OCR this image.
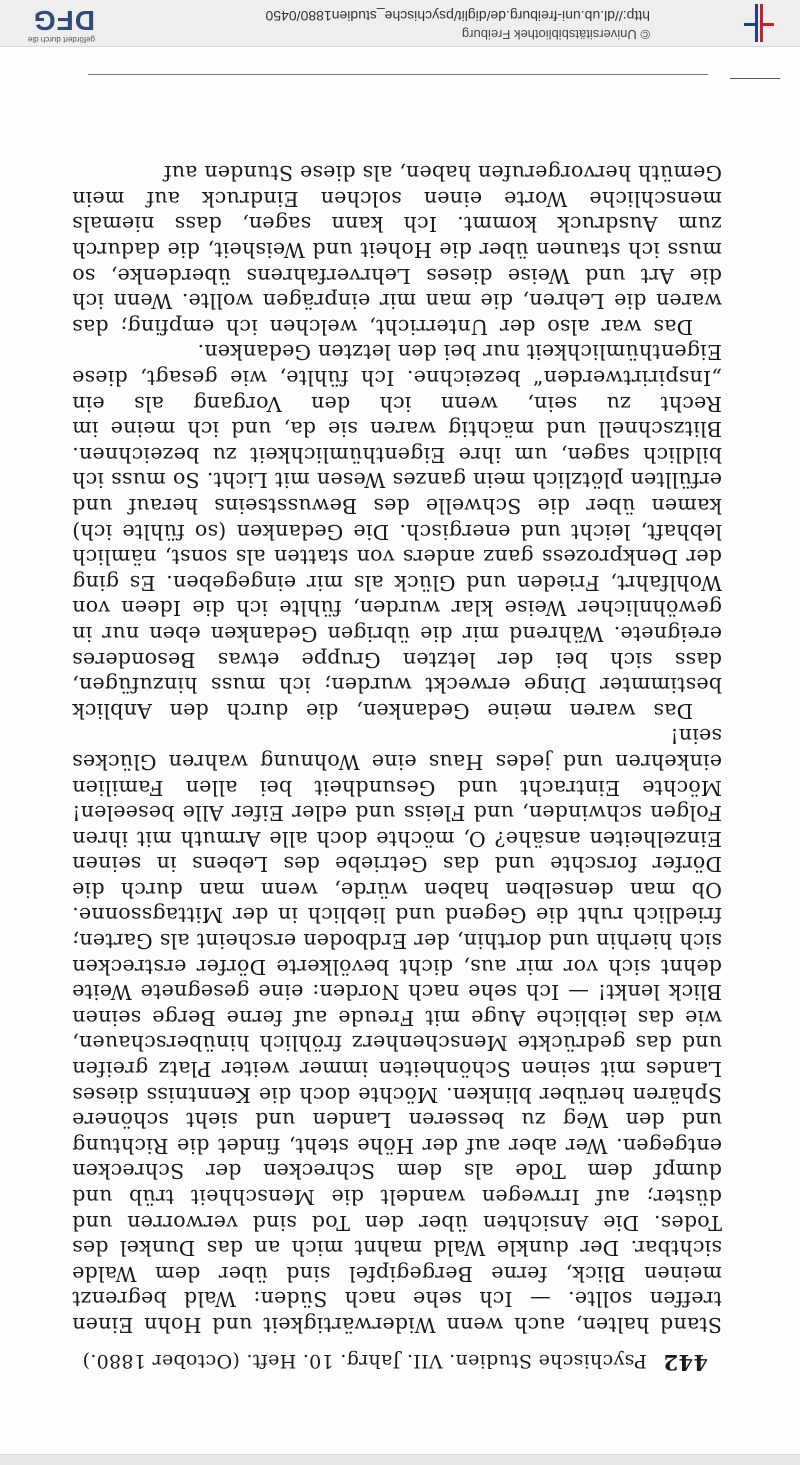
442 Psychische Studien. VII. Jahrg. 10. Heft. (October 1880.)

Stand halten, auch wenn Widerwärtigkeit und Hohn Einen treffen sollte. — Ich sehe nach Süden: Wald begrenzt meinen Blick, ferne Bergegipfel sind über dem Walde sichtbar. Der dunkle Wald mahnt mich an das Dunkel des Todes. Die Ansichten über den Tod sind verworren und düster; auf Irrwegen wandelt die Menschheit trüb und dumpf dem Tode als dem Schrecken der Schrecken entgegen. Wer aber auf der Höhe steht, findet die Richtung und den Weg zu besseren Landen und sieht schönere Sphären herüber blinken. Möchte doch die Kenntniss dieses Landes mit seinen Schönheiten immer weiter Platz greifen und das gedrückte Menschenherz fröhlich hinüberschauen, wie das leibliche Auge mit Freude auf ferne Berge seinen Blick lenkt! — Ich sehe nach Norden: eine gesegnete Weite dehnt sich vor mir aus, dicht bevölkerte Dörfer erstrecken sich hierhin und dorthin, der Erdboden erscheint als Garten; friedlich ruht die Gegend und lieblich in der Mittagssonne. Ob man denselben haben würde, wenn man durch die Dörfer forschte und das Getriebe des Lebens in seinen Einzelheiten ansähe? O, möchte doch alle Armuth mit ihren Folgen schwinden, und Fleiss und edler Eifer Alle beseelen! Möchte Eintracht und Gesundheit bei allen Familien einkehren und jedes Haus eine Wohnung wahren Glückes sein!

Das waren meine Gedanken, die durch den Anblick bestimmter Dinge erweckt wurden; ich muss hinzufügen, dass sich bei der letzten Gruppe etwas Besonderes ereignete. Während mir die übrigen Gedanken eben nur in gewöhnlicher Weise klar wurden, fühlte ich die Ideen von Wohlfahrt, Frieden und Glück als mir eingegeben. Es ging der Denkprozess ganz anders von statten als sonst, nämlich lebhaft, leicht und energisch. Die Gedanken (so fühlte ich) kamen über die Schwelle des Bewusstseins herauf und erfüllten plötzlich mein ganzes Wesen mit Licht. So muss ich bildlich sagen, um ihre Eigenthümlichkeit zu bezeichnen. Blitzschnell und mächtig waren sie da, und ich meine im Recht zu sein, wenn ich den Vorgang als ein „Inspirirtwerden“ bezeichne. Ich fühlte, wie gesagt, diese Eigenthümlichkeit nur bei den letzten Gedanken.

Das war also der Unterricht, welchen ich empfing; das waren die Lehren, die man mir einprägen wollte. Wenn ich die Art und Weise dieses Lehrverfahrens überdenke, so muss ich staunen über die Hoheit und Weisheit, die dadurch zum Ausdruck kommt. Ich kann sagen, dass niemals menschliche Worte einen solchen Eindruck auf mein Gemüth hervorgerufen haben, als diese Stunden auf

© Universitätsbibliothek Freiburg
http://dl.ub.uni-freiburg.de/diglit/psychische_studien1880/0450
gefördert durch die
DFG
